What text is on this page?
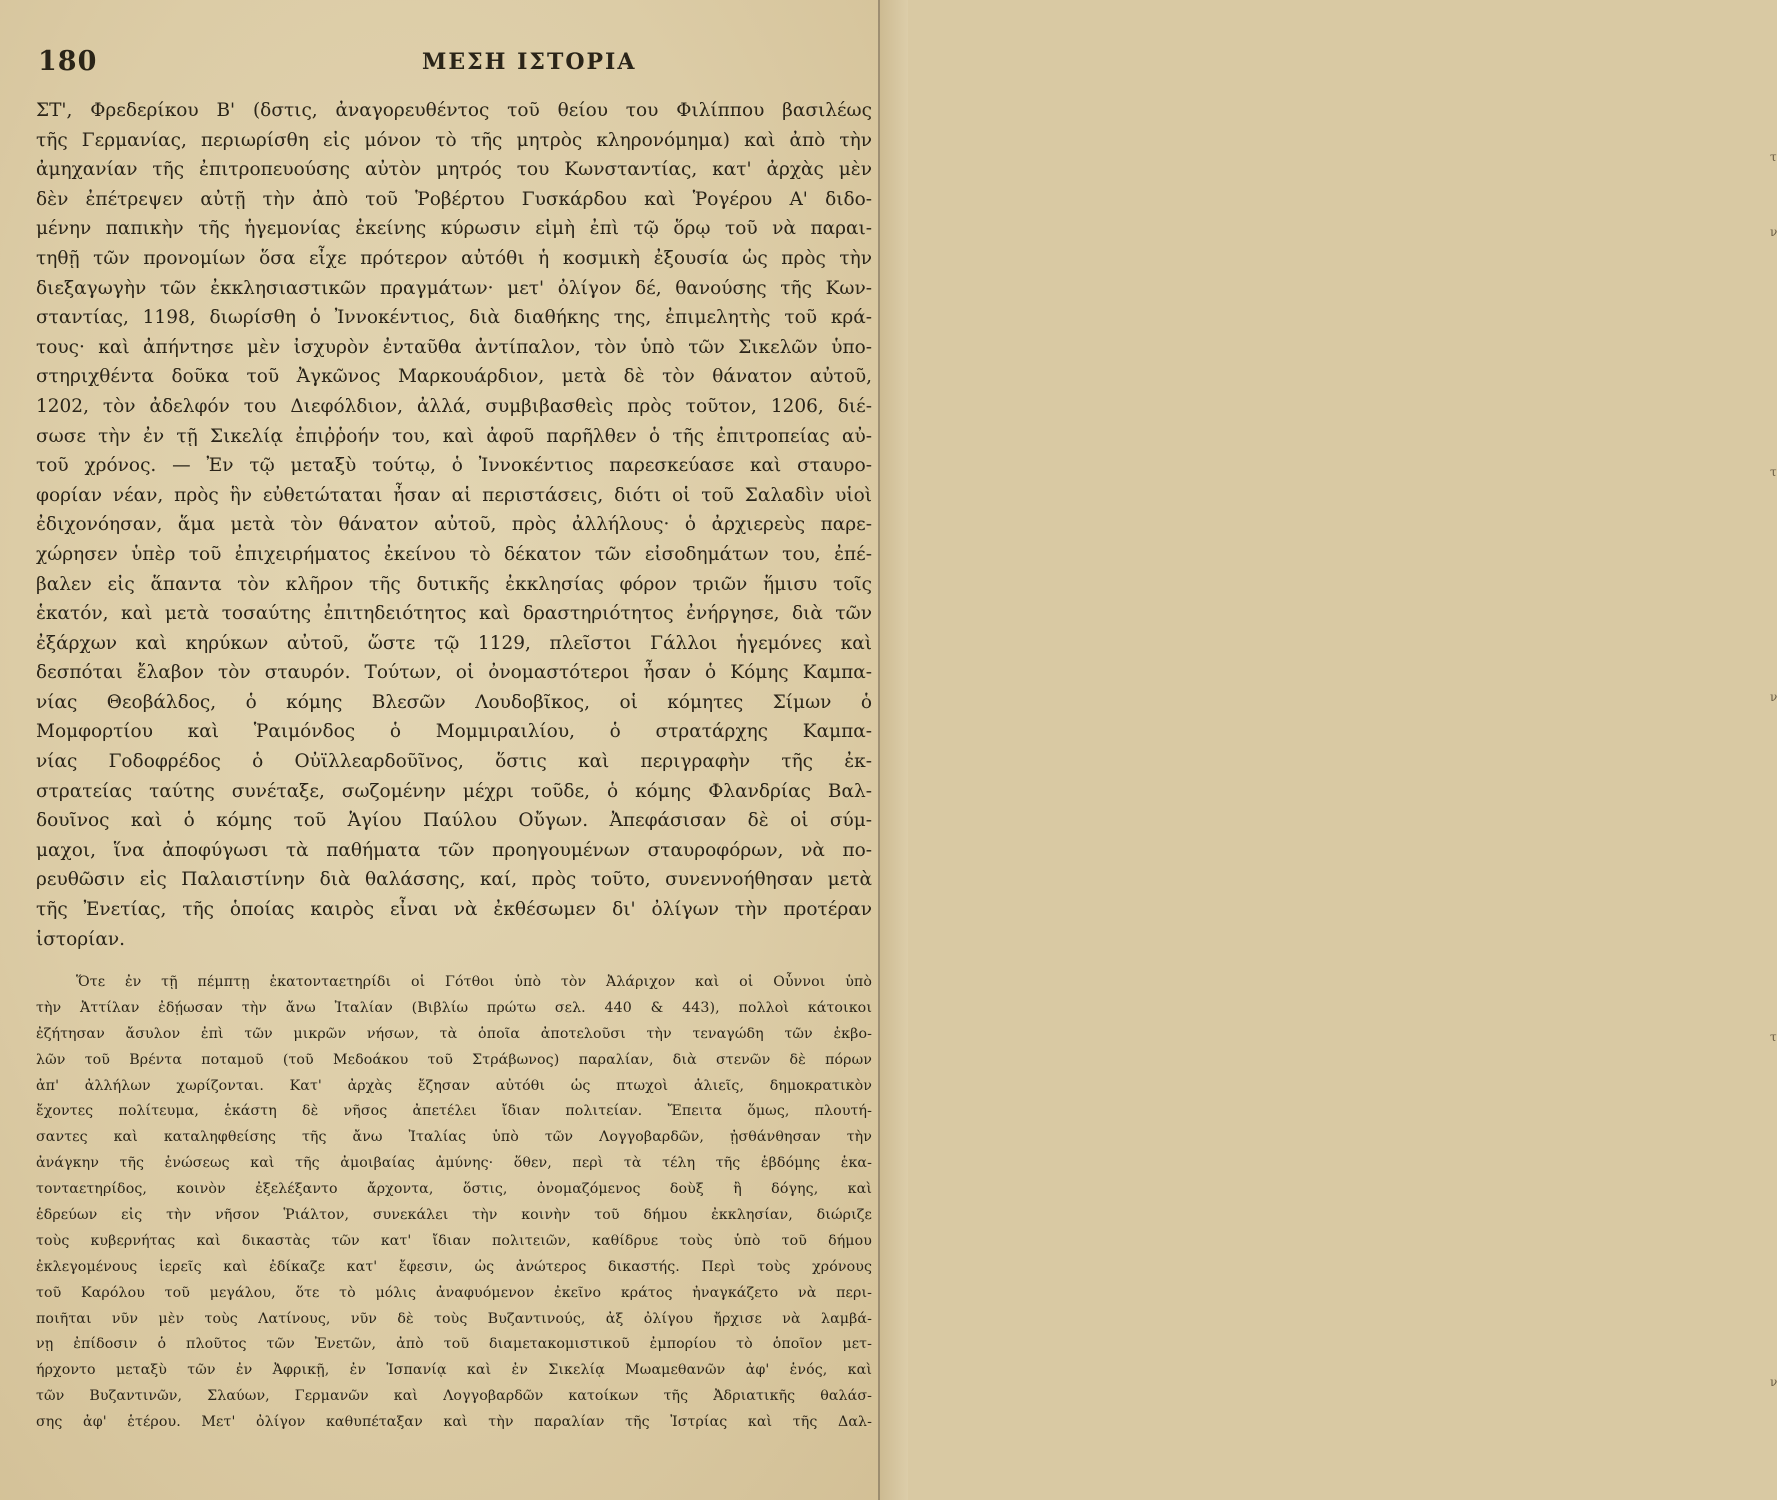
τ
ν
τ
ν
τ
ν
180	ΜΕΣΗ ΙΣΤΟΡΙΑ
ΣΤ', Φρεδερίκου Β' (δστις, ἀναγορευθέντος τοῦ θείου του Φιλίππου βασιλέως
τῆς Γερμανίας, περιωρίσθη εἰς μόνον τὸ τῆς μητρὸς κληρονόμημα) καὶ ἀπὸ τὴν
ἀμηχανίαν τῆς ἐπιτροπευούσης αὐτὸν μητρός του Κωνσταντίας, κατ' ἀρχὰς μὲν
δὲν ἐπέτρεψεν αὐτῇ τὴν ἀπὸ τοῦ Ῥοβέρτου Γυσκάρδου καὶ Ῥογέρου Α' διδο-
μένην παπικὴν τῆς ἡγεμονίας ἐκείνης κύρωσιν εἰμὴ ἐπὶ τῷ ὅρῳ τοῦ νὰ παραι-
τηθῇ τῶν προνομίων ὅσα εἶχε πρότερον αὐτόθι ἡ κοσμικὴ ἐξουσία ὡς πρὸς τὴν
διεξαγωγὴν τῶν ἐκκλησιαστικῶν πραγμάτων· μετ' ὀλίγον δέ, θανούσης τῆς Κων-
σταντίας, 1198, διωρίσθη ὁ Ἰννοκέντιος, διὰ διαθήκης της, ἐπιμελητὴς τοῦ κρά-
τους· καὶ ἀπήντησε μὲν ἰσχυρὸν ἐνταῦθα ἀντίπαλον, τὸν ὑπὸ τῶν Σικελῶν ὑπο-
στηριχθέντα δοῦκα τοῦ Ἀγκῶνος Μαρκουάρδιον, μετὰ δὲ τὸν θάνατον αὐτοῦ,
1202, τὸν ἀδελφόν του Διεφόλδιον, ἀλλά, συμβιβασθεὶς πρὸς τοῦτον, 1206, διέ-
σωσε τὴν ἐν τῇ Σικελίᾳ ἐπιῤῥοήν του, καὶ ἀφοῦ παρῆλθεν ὁ τῆς ἐπιτροπείας αὐ-
τοῦ χρόνος. — Ἐν τῷ μεταξὺ τούτῳ, ὁ Ἰννοκέντιος παρεσκεύασε καὶ σταυρο-
φορίαν νέαν, πρὸς ἣν εὐθετώταται ἦσαν αἱ περιστάσεις, διότι οἱ τοῦ Σαλαδὶν υἱοὶ
ἐδιχονόησαν, ἅμα μετὰ τὸν θάνατον αὐτοῦ, πρὸς ἀλλήλους· ὁ ἀρχιερεὺς παρε-
χώρησεν ὑπὲρ τοῦ ἐπιχειρήματος ἐκείνου τὸ δέκατον τῶν εἰσοδημάτων του, ἐπέ-
βαλεν εἰς ἅπαντα τὸν κλῆρον τῆς δυτικῆς ἐκκλησίας φόρον τριῶν ἥμισυ τοῖς
ἑκατόν, καὶ μετὰ τοσαύτης ἐπιτηδειότητος καὶ δραστηριότητος ἐνήργησε, διὰ τῶν
ἐξάρχων καὶ κηρύκων αὐτοῦ, ὥστε τῷ 1129, πλεῖστοι Γάλλοι ἡγεμόνες καὶ
δεσπόται ἔλαβον τὸν σταυρόν. Τούτων, οἱ ὀνομαστότεροι ἦσαν ὁ Κόμης Καμπα-
νίας Θεοβάλδος, ὁ κόμης Βλεσῶν Λουδοβῖκος, οἱ κόμητες Σίμων ὁ
Μομφορτίου καὶ Ῥαιμόνδος ὁ Μομμιραιλίου, ὁ στρατάρχης Καμπα-
νίας Γοδοφρέδος ὁ Οὐϊλλεαρδοῦῖνος, ὅστις καὶ περιγραφὴν τῆς ἐκ-
στρατείας ταύτης συνέταξε, σωζομένην μέχρι τοῦδε, ὁ κόμης Φλανδρίας Βαλ-
δουῖνος καὶ ὁ κόμης τοῦ Ἁγίου Παύλου Οὔγων. Ἀπεφάσισαν δὲ οἱ σύμ-
μαχοι, ἵνα ἀποφύγωσι τὰ παθήματα τῶν προηγουμένων σταυροφόρων, νὰ πο-
ρευθῶσιν εἰς Παλαιστίνην διὰ θαλάσσης, καί, πρὸς τοῦτο, συνεννοήθησαν μετὰ
τῆς Ἐνετίας, τῆς ὁποίας καιρὸς εἶναι νὰ ἐκθέσωμεν δι' ὀλίγων τὴν προτέραν
ἱστορίαν.
Ὅτε ἐν τῇ πέμπτῃ ἑκατονταετηρίδι οἱ Γότθοι ὑπὸ τὸν Ἀλάριχον καὶ οἱ Οὖννοι ὑπὸ
τὴν Ἀττίλαν ἐδῄωσαν τὴν ἄνω Ἰταλίαν (Βιβλίω πρώτω σελ. 440 & 443), πολλοὶ κάτοικοι
ἐζήτησαν ἄσυλον ἐπὶ τῶν μικρῶν νήσων, τὰ ὁποῖα ἀποτελοῦσι τὴν τεναγώδη τῶν ἐκβο-
λῶν τοῦ Βρέντα ποταμοῦ (τοῦ Μεδοάκου τοῦ Στράβωνος) παραλίαν, διὰ στενῶν δὲ πόρων
ἀπ' ἀλλήλων χωρίζονται. Κατ' ἀρχὰς ἔζησαν αὐτόθι ὡς πτωχοὶ ἁλιεῖς, δημοκρατικὸν
ἔχοντες πολίτευμα, ἑκάστη δὲ νῆσος ἀπετέλει ἴδιαν πολιτείαν. Ἔπειτα ὅμως, πλουτή-
σαντες καὶ καταληφθείσης τῆς ἄνω Ἰταλίας ὑπὸ τῶν Λογγοβαρδῶν, ᾐσθάνθησαν τὴν
ἀνάγκην τῆς ἑνώσεως καὶ τῆς ἀμοιβαίας ἀμύνης· ὅθεν, περὶ τὰ τέλη τῆς ἑβδόμης ἑκα-
τονταετηρίδος, κοινὸν ἐξελέξαντο ἄρχοντα, ὅστις, ὀνομαζόμενος δοὺξ ἢ δόγης, καὶ
ἑδρεύων εἰς τὴν νῆσον Ῥιάλτον, συνεκάλει τὴν κοινὴν τοῦ δήμου ἐκκλησίαν, διώριζε
τοὺς κυβερνήτας καὶ δικαστὰς τῶν κατ' ἴδιαν πολιτειῶν, καθίδρυε τοὺς ὑπὸ τοῦ δήμου
ἐκλεγομένους ἱερεῖς καὶ ἐδίκαζε κατ' ἔφεσιν, ὡς ἀνώτερος δικαστής. Περὶ τοὺς χρόνους
τοῦ Καρόλου τοῦ μεγάλου, ὅτε τὸ μόλις ἀναφυόμενον ἐκεῖνο κράτος ἠναγκάζετο νὰ περι-
ποιῆται νῦν μὲν τοὺς Λατίνους, νῦν δὲ τοὺς Βυζαντινούς, ἀξ ὀλίγου ἤρχισε νὰ λαμβά-
νῃ ἐπίδοσιν ὁ πλοῦτος τῶν Ἐνετῶν, ἀπὸ τοῦ διαμετακομιστικοῦ ἐμπορίου τὸ ὁποῖον μετ-
ήρχοντο μεταξὺ τῶν ἐν Ἀφρικῇ, ἐν Ἱσπανίᾳ καὶ ἐν Σικελίᾳ Μωαμεθανῶν ἀφ' ἑνός, καὶ
τῶν Βυζαντινῶν, Σλαύων, Γερμανῶν καὶ Λογγοβαρδῶν κατοίκων τῆς Ἀδριατικῆς θαλάσ-
σης ἀφ' ἑτέρου. Μετ' ὀλίγον καθυπέταξαν καὶ τὴν παραλίαν τῆς Ἰστρίας καὶ τῆς Δαλ-
